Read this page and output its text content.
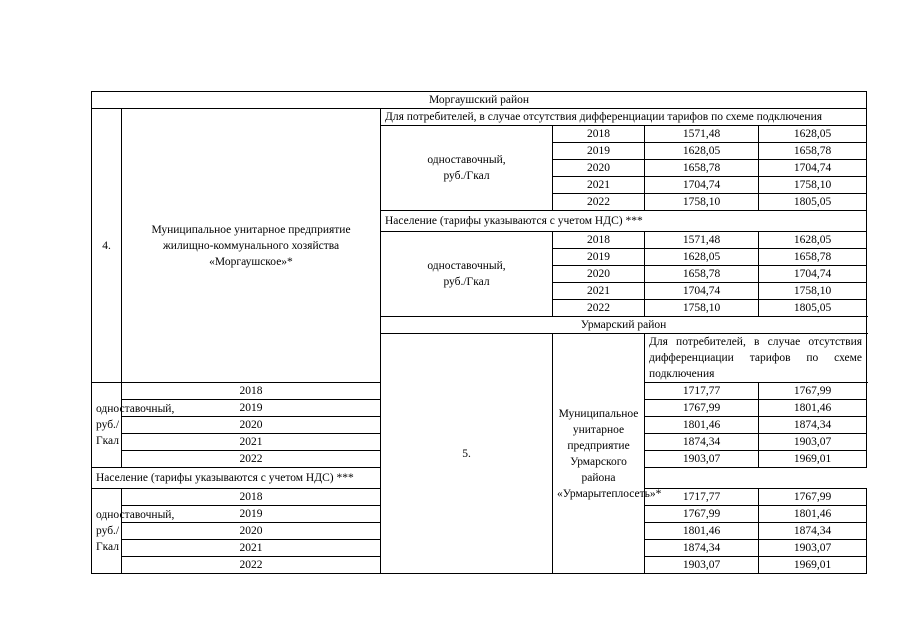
Моргаушский район					
4.	Муниципальное унитарное предприятие
жилищно-коммунального хозяйства
«Моргаушское»*	Для потребителей, в случае отсутствия дифференциации тарифов по схеме подключения			

		одноставочный,
руб./Гкал	2018	1571,48	1628,05
			2019	1628,05	1658,78
			2020	1658,78	1704,74
			2021	1704,74	1758,10
			2022	1758,10	1805,05
		Население (тарифы указываются с учетом НДС) ***			

		одноставочный,
руб./Гкал	2018	1571,48	1628,05
			2019	1628,05	1658,78
			2020	1658,78	1704,74
			2021	1704,74	1758,10
			2022	1758,10	1805,05
		Урмарский район			
		5.	Муниципальное унитарное предприятие
Урмарского района
«Урмарытеплосеть»*	Для потребителей, в случае отсутствия дифференциации тарифов по схеме подключения	

одноставочный,
руб./Гкал	2018			1717,77	1767,99
	2019			1767,99	1801,46
	2020			1801,46	1874,34
	2021			1874,34	1903,07
	2022			1903,07	1969,01
Население (тарифы указываются с учетом НДС) ***					

одноставочный,
руб./Гкал	2018			1717,77	1767,99
	2019			1767,99	1801,46
	2020			1801,46	1874,34
	2021			1874,34	1903,07
	2022			1903,07	1969,01
